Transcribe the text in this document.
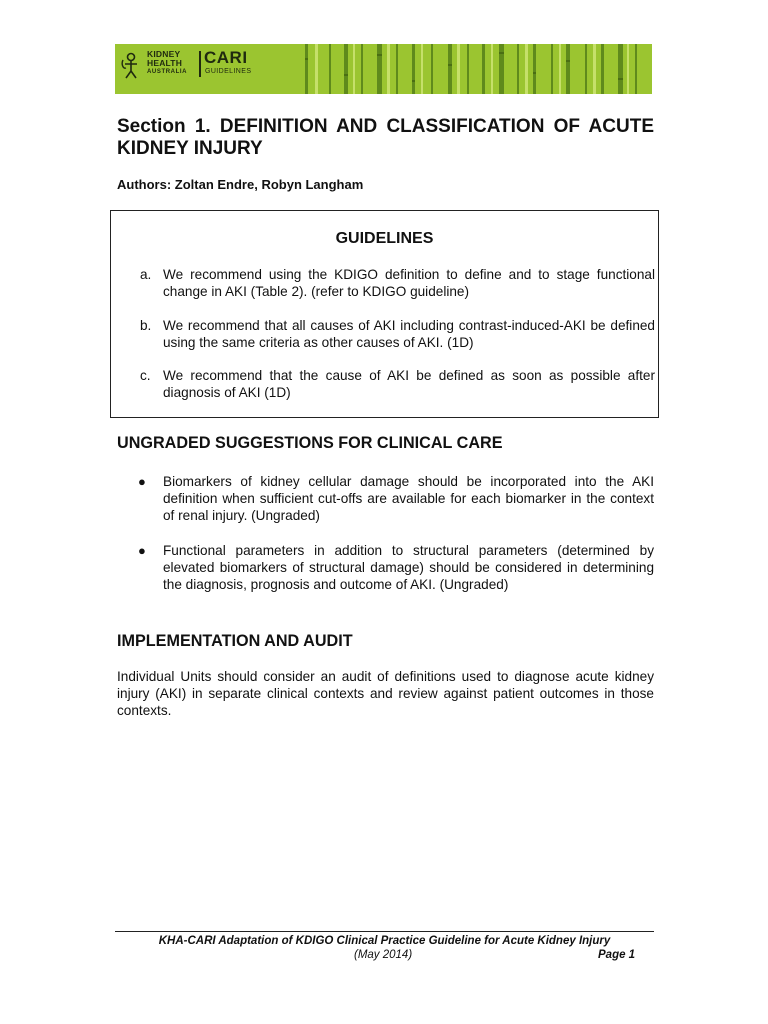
KIDNEY
HEALTH
AUSTRALIA
CARI
GUIDELINES
Section 1. DEFINITION AND CLASSIFICATION OF ACUTE KIDNEY INJURY
Authors: Zoltan Endre, Robyn Langham
GUIDELINES
a. We recommend using the KDIGO definition to define and to stage functional change in AKI (Table 2). (refer to KDIGO guideline)
b. We recommend that all causes of AKI including contrast-induced-AKI be defined using the same criteria as other causes of AKI. (1D)
c. We recommend that the cause of AKI be defined as soon as possible after diagnosis of AKI (1D)
UNGRADED SUGGESTIONS FOR CLINICAL CARE
● Biomarkers of kidney cellular damage should be incorporated into the AKI definition when sufficient cut-offs are available for each biomarker in the context of renal injury. (Ungraded)
● Functional parameters in addition to structural parameters (determined by elevated biomarkers of structural damage) should be considered in determining the diagnosis, prognosis and outcome of AKI. (Ungraded)
IMPLEMENTATION AND AUDIT
Individual Units should consider an audit of definitions used to diagnose acute kidney injury (AKI) in separate clinical contexts and review against patient outcomes in those contexts.
KHA-CARI Adaptation of KDIGO Clinical Practice Guideline for Acute Kidney Injury
(May 2014)	Page 1
